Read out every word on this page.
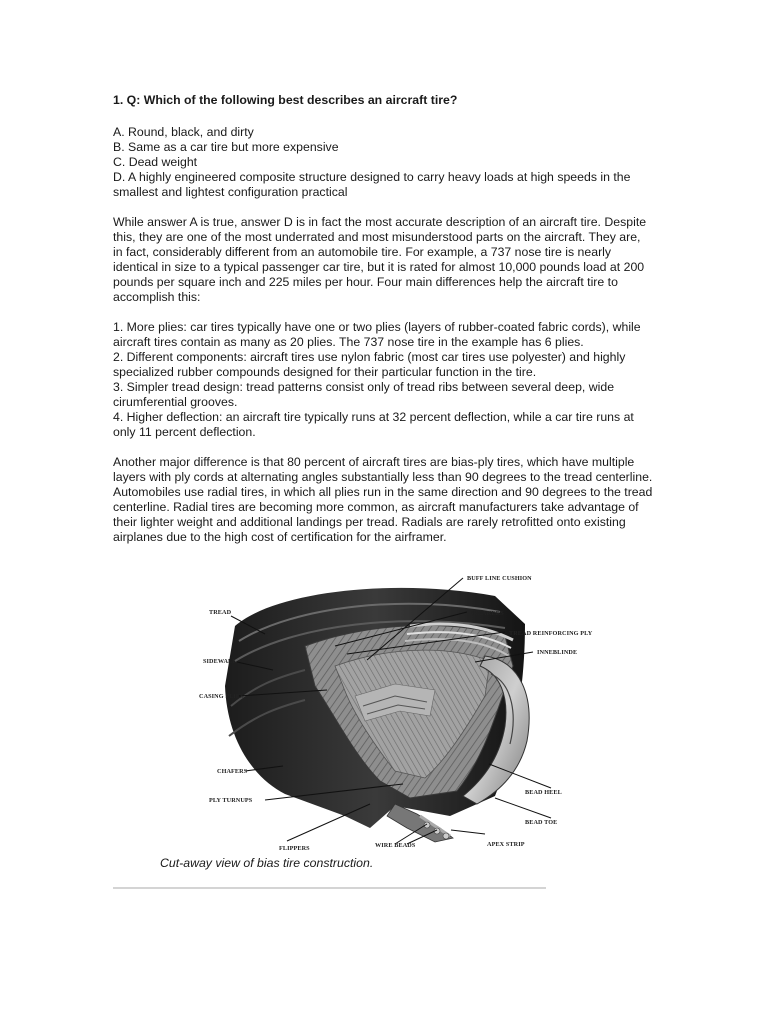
1. Q: Which of the following best describes an aircraft tire?

A. Round, black, and dirty
B. Same as a car tire but more expensive
C. Dead weight
D. A highly engineered composite structure designed to carry heavy loads at high speeds in the smallest and lightest configuration practical

While answer A is true, answer D is in fact the most accurate description of an aircraft tire. Despite this, they are one of the most underrated and most misunderstood parts on the aircraft. They are, in fact, considerably different from an automobile tire. For example, a 737 nose tire is nearly identical in size to a typical passenger car tire, but it is rated for almost 10,000 pounds load at 200 pounds per square inch and 225 miles per hour. Four main differences help the aircraft tire to accomplish this:

1. More plies: car tires typically have one or two plies (layers of rubber-coated fabric cords), while aircraft tires contain as many as 20 plies. The 737 nose tire in the example has 6 plies.
2. Different components: aircraft tires use nylon fabric (most car tires use polyester) and highly specialized rubber compounds designed for their particular function in the tire.
3. Simpler tread design: tread patterns consist only of tread ribs between several deep, wide cirumferential grooves.
4. Higher deflection: an aircraft tire typically runs at 32 percent deflection, while a car tire runs at only 11 percent deflection.

Another major difference is that 80 percent of aircraft tires are bias-ply tires, which have multiple layers with ply cords at alternating angles substantially less than 90 degrees to the tread centerline. Automobiles use radial tires, in which all plies run in the same direction and 90 degrees to the tread centerline. Radial tires are becoming more common, as aircraft manufacturers take advantage of their lighter weight and additional landings per tread. Radials are rarely retrofitted onto existing airplanes due to the high cost of certification for the airframer.

BUFF LINE CUSHION
BREAKERS
TREAD REINFORCING PLY
INNEBLINDE
TREAD
SIDEWALL
CASING PLIES
CHAFERS
PLY TURNUPS
FLIPPERS	WIRE BEADS	APEX STRIP
BEAD HEEL
BEAD TOE
Cut-away view of bias tire construction.
